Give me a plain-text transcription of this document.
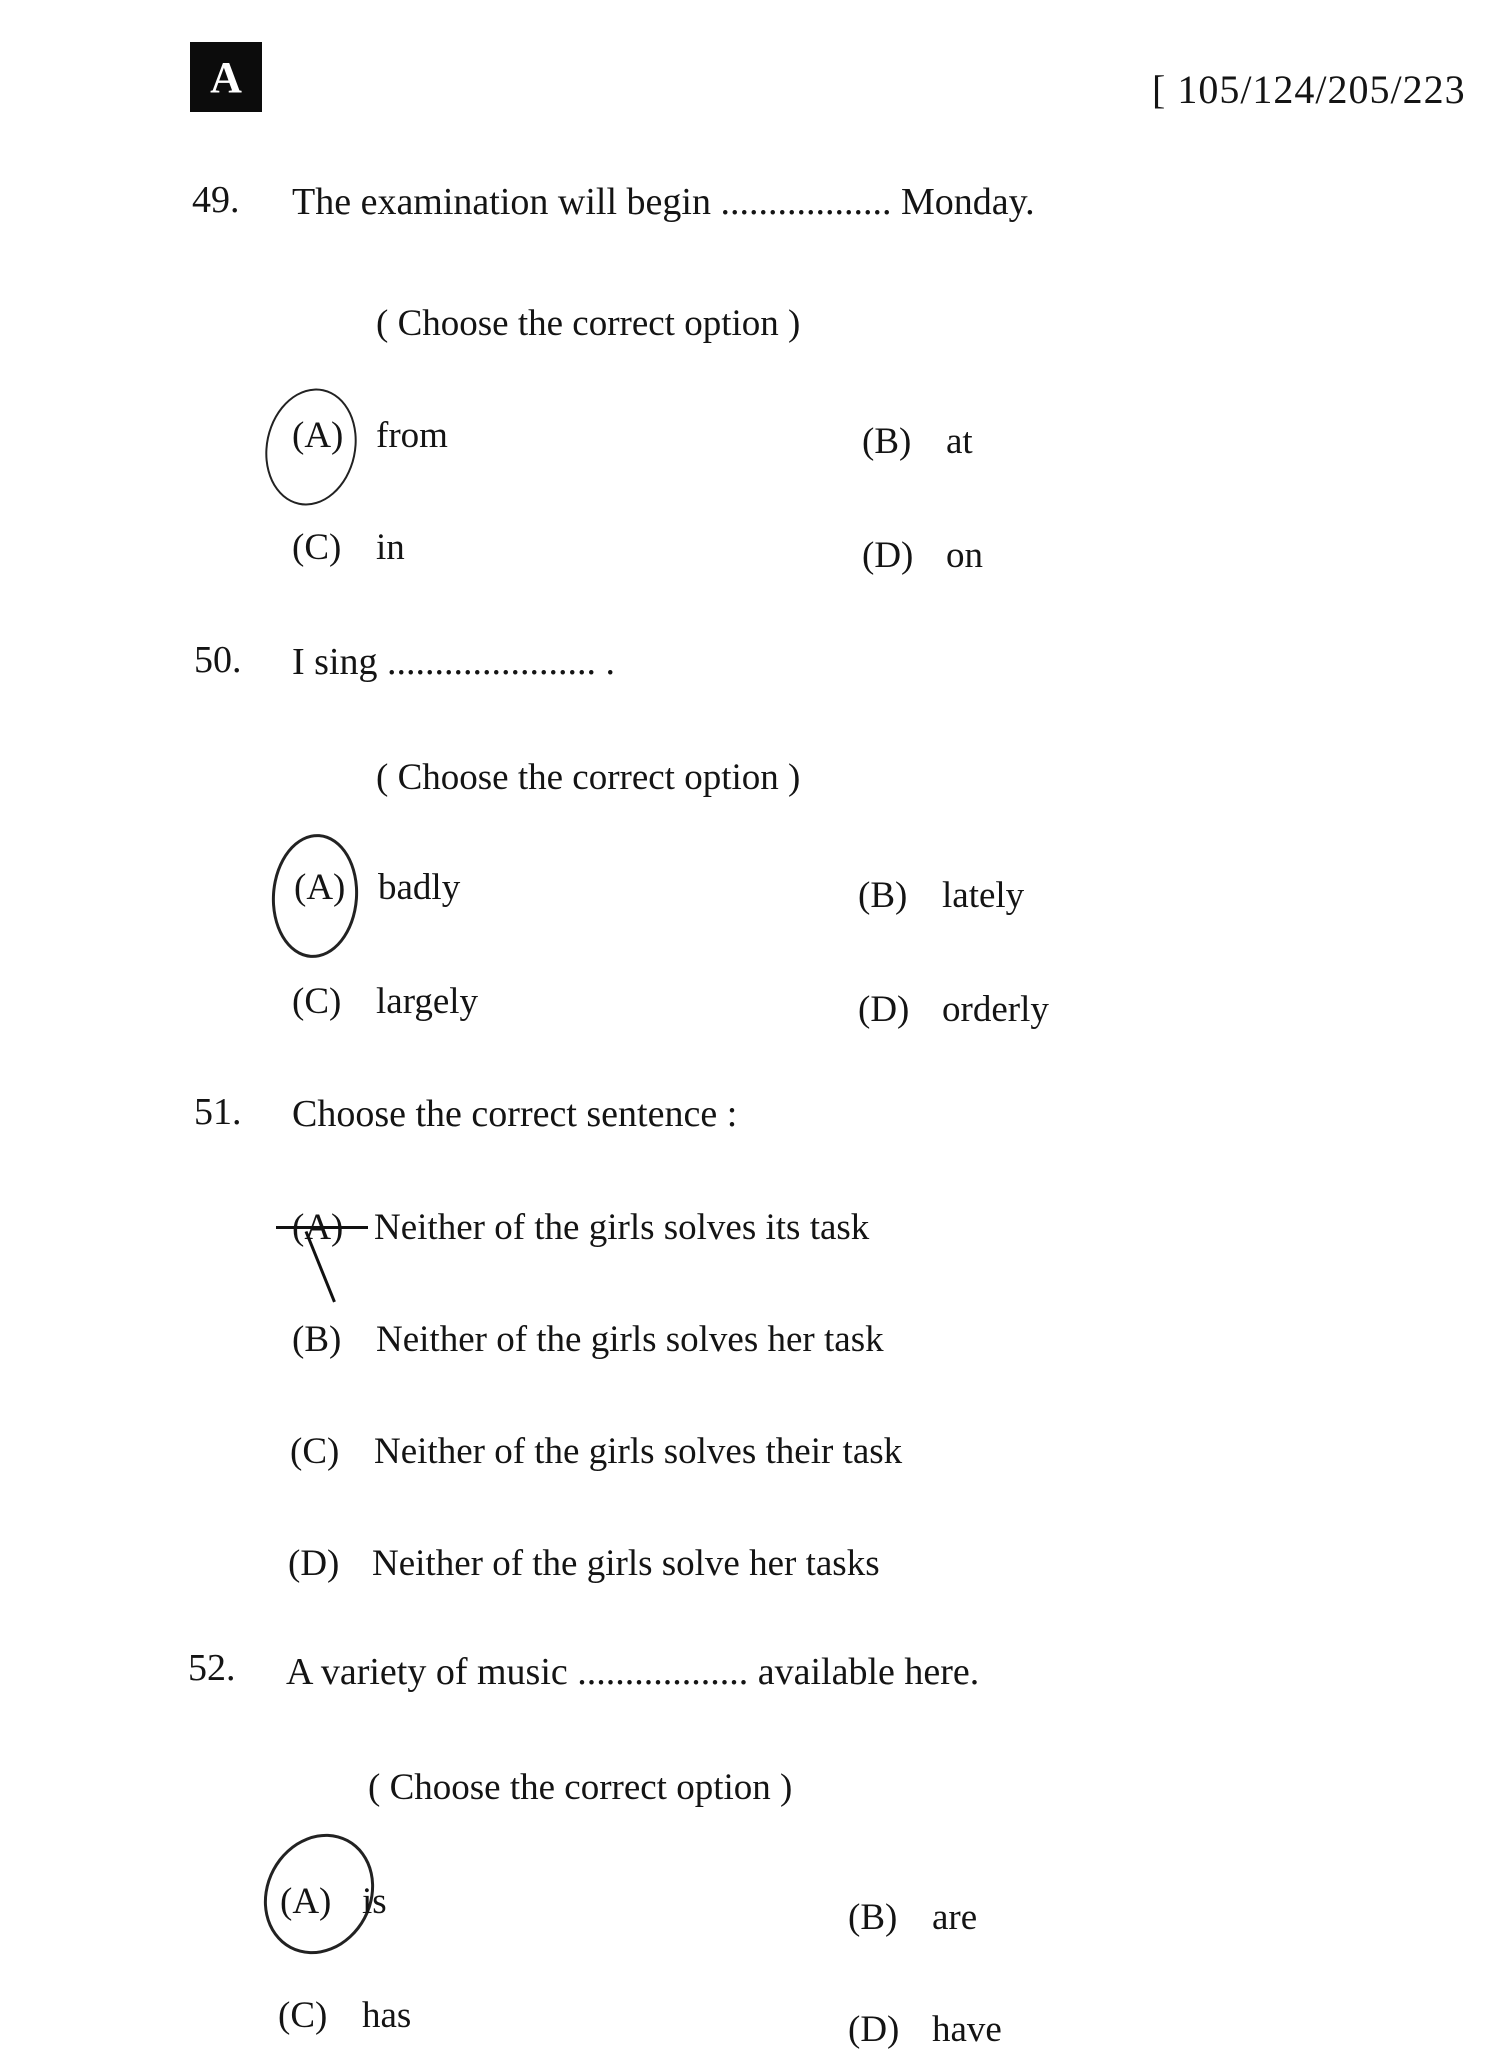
A	[ 105/124/205/223
49. The examination will begin .................. Monday.
( Choose the correct option )
(A) from	(B) at
(C) in	(D) on
50. I sing ...................... .
( Choose the correct option )
(A) badly	(B) lately
(C) largely	(D) orderly
51. Choose the correct sentence :
(A) Neither of the girls solves its task
(B) Neither of the girls solves her task
(C) Neither of the girls solves their task
(D) Neither of the girls solve her tasks
52. A variety of music .................. available here.
( Choose the correct option )
(A) is	(B) are
(C) has	(D) have
